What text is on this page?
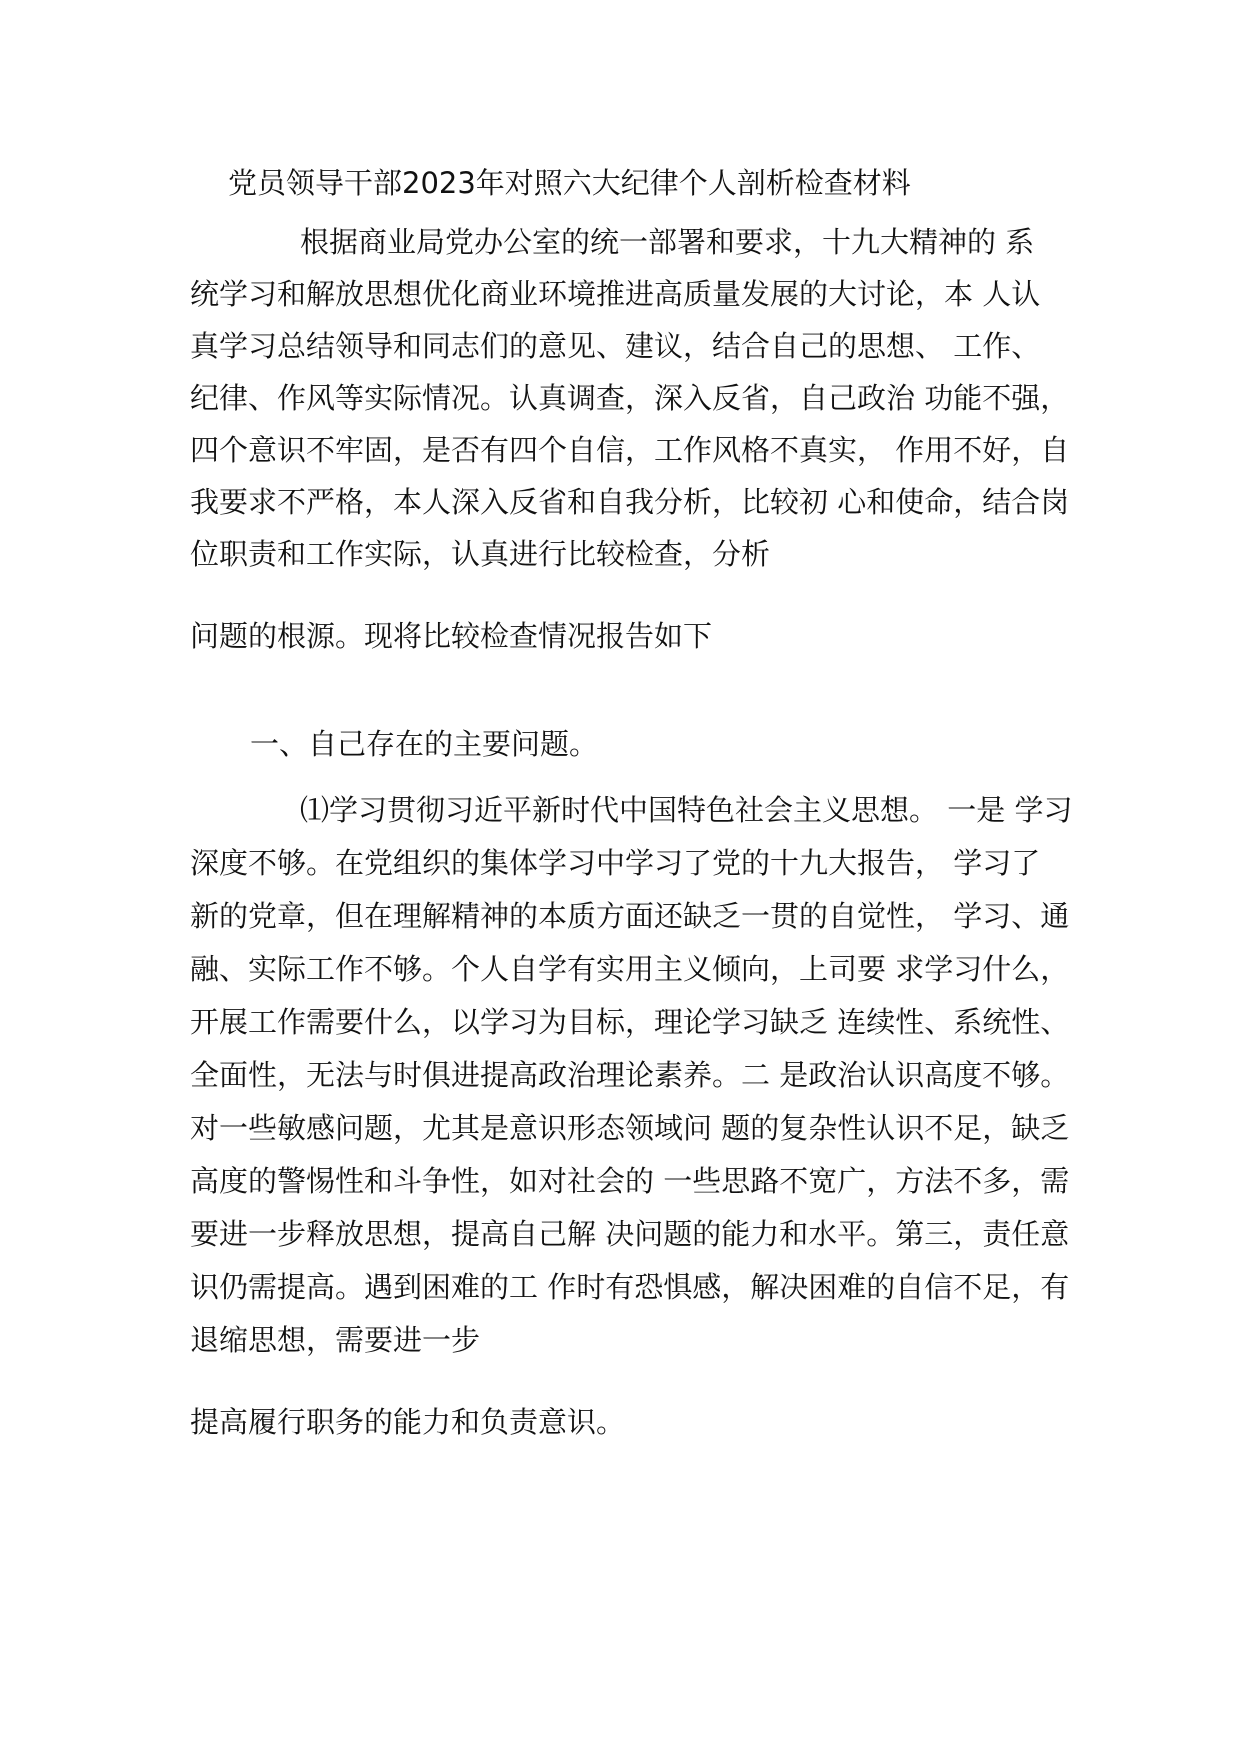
党员领导干部2023年对照六大纪律个人剖析检查材料
根据商业局党办公室的统一部署和要求，十九大精神的 系
统学习和解放思想优化商业环境推进高质量发展的大讨论，本 人认
真学习总结领导和同志们的意见、建议，结合自己的思想、 工作、
纪律、作风等实际情况。认真调查，深入反省，自己政治 功能不强，
四个意识不牢固，是否有四个自信，工作风格不真实， 作用不好，自
我要求不严格，本人深入反省和自我分析，比较初 心和使命，结合岗
位职责和工作实际，认真进行比较检查，分析
问题的根源。现将比较检查情况报告如下
一、自己存在的主要问题。
⑴学习贯彻习近平新时代中国特色社会主义思想。 一是 学习
深度不够。在党组织的集体学习中学习了党的十九大报告， 学习了
新的党章，但在理解精神的本质方面还缺乏一贯的自觉性， 学习、通
融、实际工作不够。个人自学有实用主义倾向，上司要 求学习什么，
开展工作需要什么，以学习为目标，理论学习缺乏 连续性、系统性、
全面性，无法与时俱进提高政治理论素养。二 是政治认识高度不够。
对一些敏感问题，尤其是意识形态领域问 题的复杂性认识不足，缺乏
高度的警惕性和斗争性，如对社会的 一些思路不宽广，方法不多，需
要进一步释放思想，提高自己解 决问题的能力和水平。第三，责任意
识仍需提高。遇到困难的工 作时有恐惧感，解决困难的自信不足，有
退缩思想，需要进一步
提高履行职务的能力和负责意识。
